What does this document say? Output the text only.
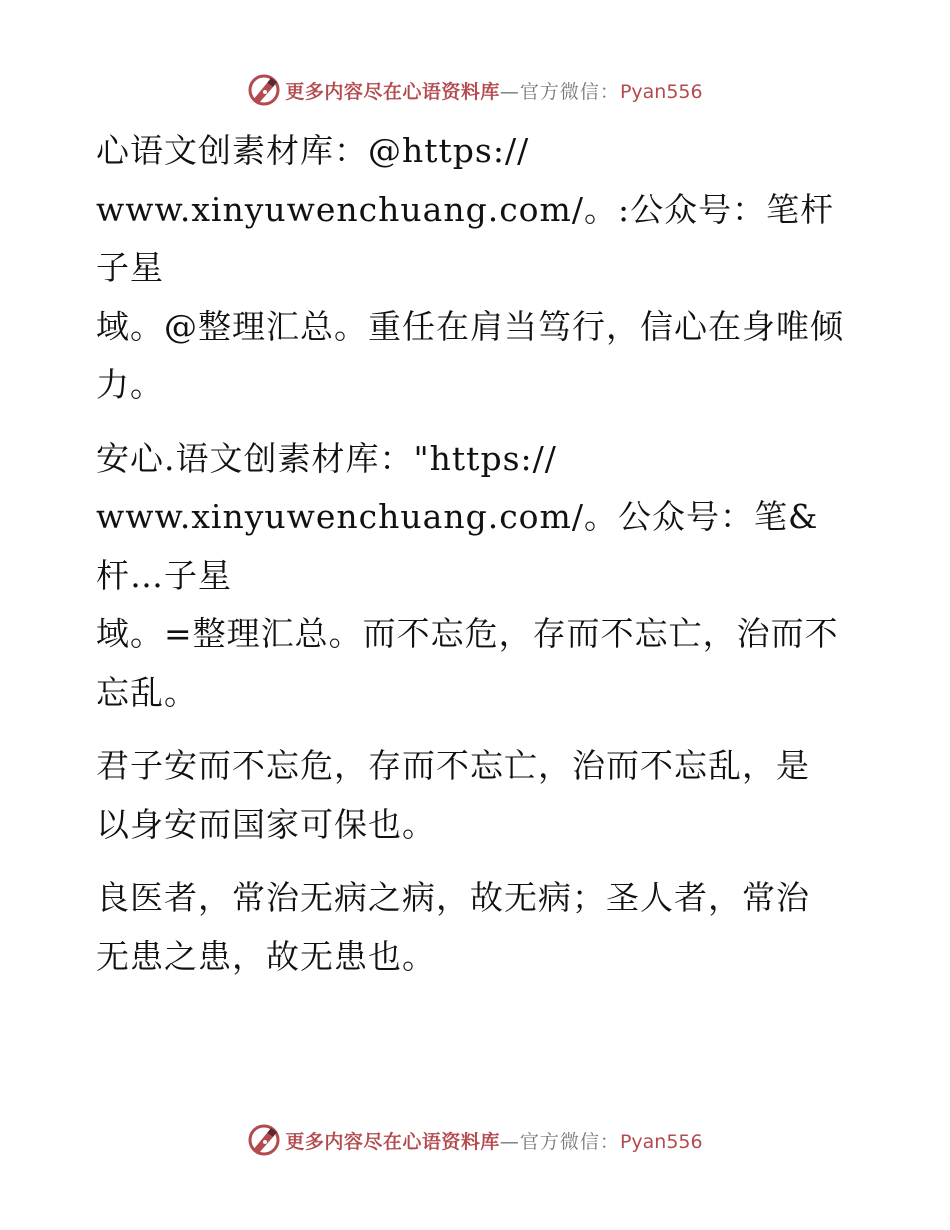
更多内容尽在心语资料库—官方微信：Pyan556

心语文创素材库：@https://
www.xinyuwenchuang.com/。:公众号：笔杆子星
域。@整理汇总。重任在肩当笃行，信心在身唯倾
力。

安心.语文创素材库："https://
www.xinyuwenchuang.com/。公众号：笔&杆…子星
域。=整理汇总。而不忘危，存而不忘亡，治而不
忘乱。

君子安而不忘危，存而不忘亡，治而不忘乱，是
以身安而国家可保也。

良医者，常治无病之病，故无病；圣人者，常治
无患之患，故无患也。

更多内容尽在心语资料库—官方微信：Pyan556
